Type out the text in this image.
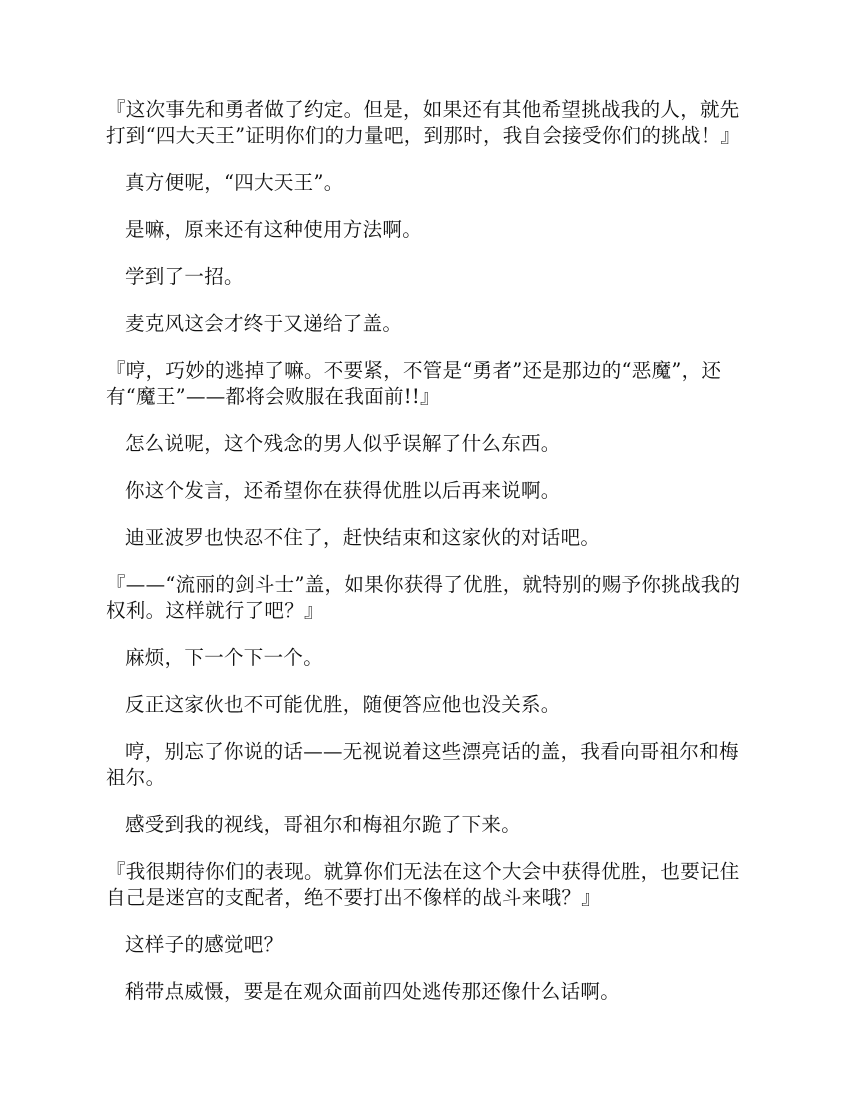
『这次事先和勇者做了约定。但是，如果还有其他希望挑战我的人，就先打到“四大天王”证明你们的力量吧，到那时，我自会接受你们的挑战！』

真方便呢，“四大天王”。

是嘛，原来还有这种使用方法啊。

学到了一招。

麦克风这会才终于又递给了盖。

『哼，巧妙的逃掉了嘛。不要紧，不管是“勇者”还是那边的“恶魔”，还有“魔王”——都将会败服在我面前!!』

怎么说呢，这个残念的男人似乎误解了什么东西。

你这个发言，还希望你在获得优胜以后再来说啊。

迪亚波罗也快忍不住了，赶快结束和这家伙的对话吧。

『——“流丽的剑斗士”盖，如果你获得了优胜，就特别的赐予你挑战我的权利。这样就行了吧？』

麻烦，下一个下一个。

反正这家伙也不可能优胜，随便答应他也没关系。

哼，别忘了你说的话——无视说着这些漂亮话的盖，我看向哥祖尔和梅祖尔。

感受到我的视线，哥祖尔和梅祖尔跪了下来。

『我很期待你们的表现。就算你们无法在这个大会中获得优胜，也要记住自己是迷宫的支配者，绝不要打出不像样的战斗来哦？』

这样子的感觉吧？

稍带点威慑，要是在观众面前四处逃传那还像什么话啊。
